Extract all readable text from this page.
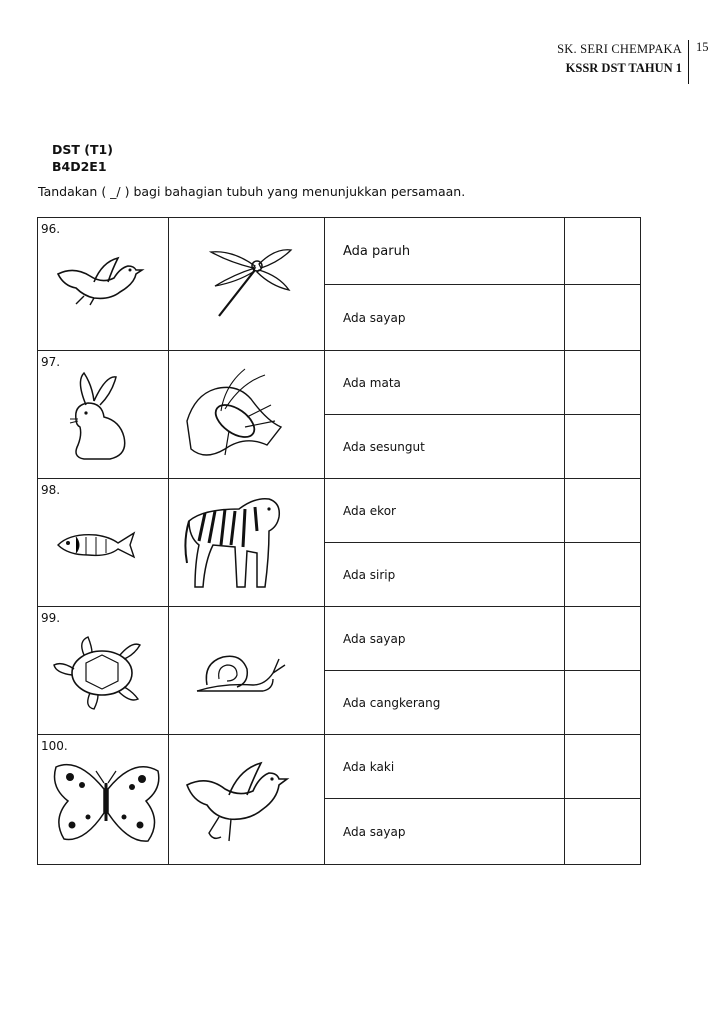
SK. SERI CHEMPAKA
KSSR DST TAHUN 1
15
DST (T1)
B4D2E1
Tandakan ( _/ ) bagi bahagian tubuh yang menunjukkan persamaan.
96.		Ada paruh	
		Ada sayap	

97.		Ada mata	
		Ada sesungut	

98.		Ada ekor	
		Ada sirip	

99.		Ada sayap	
		Ada cangkerang	

100.		Ada kaki	
		Ada sayap	
